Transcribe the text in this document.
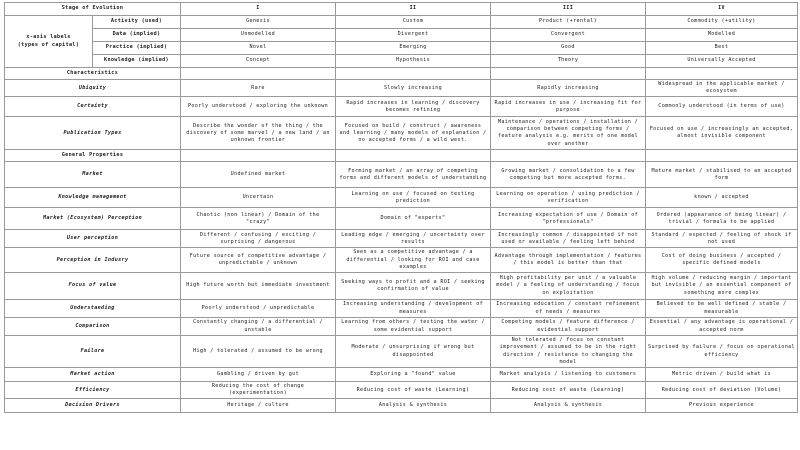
Stage of Evolution		I	II	III	IV

x-axis labels
(types of capital)	Activity (used)	Genesis	Custom	Product (+rental)	Commodity (+utility)
	Data (implied)	Unmodelled	Divergent	Convergent	Modelled
	Practice (implied)	Novel	Emerging	Good	Best
	Knowledge (implied)	Concept	Hypothesis	Theory	Universally Accepted
Characteristics					
Ubiquity		Rare	Slowly increasing	Rapidly increasing	Widespread in the applicable market / ecosystem
Certainty		Poorly understood / exploring the unknown	Rapid increases in learning / discovery becomes refining	Rapid increases in use / increasing fit for purpose	Commonly understood (in terms of use)
Publication Types		Describe the wonder of the thing / the discovery of some marvel / a new land / an unknown frontier	Focused on build / construct / awareness and learning / many models of explanation / no accepted forms / a wild west.	Maintenance / operations / installation / comparison between competing forms / feature analysis e.g. merits of one model over another	Focused on use / increasingly an accepted, almost invisible component
General Properties					
Market		Undefined market	Forming market / an array of competing forms and different models of understanding	Growing market / consolidation to a few competing but more accepted forms.	Mature market / stabilised to an accepted form
Knowledge management		Uncertain	Learning on use / focused on testing prediction	Learning on operation / using prediction / verification	known / accepted
Market (Ecosystem) Perception		Chaotic (non linear) / Domain of the "crazy"	Domain of "experts"	Increasing expectation of use / Domain of "professionals"	Ordered (appearance of being linear) / trivial / formula to be applied
User perception		Different / confusing / exciting / surprising / dangerous	Leading edge / emerging / uncertainty over results	Increasingly common / disappointed if not used or available / feeling left behind	Standard / expected / feeling of shock if not used
Perception in Indusry		Future source of competitive advantage / unpredictable / unknown	Seen as a competitive advantage / a differential / looking for ROI and case examples	Advantage through implementation / features / this model is better than that	Cost of doing business / accepted / specific defined models
Focus of value		High future worth but immediate investment	Seeking ways to profit and a ROI / seeking confirmation of value	High profitability per unit / a valuable model / a feeling of understanding / focus on exploitation	High volume / reducing margin / important but invisible / an essential component of something more complex
Understanding		Poorly understood / unpredictable	Increasing understanding / development of measures	Increasing education / constant refinement of needs / measures	Believed to be well defined / stable / measurable
Comparison		Constantly changing / a differential / unstable	Learning from others / testing the water / some evidential support	Competing models / feature difference / evidential support	Essential / any advantage is operational / accepted norm
Failure		High / tolerated / assumed to be wrong	Moderate / unsurprising if wrong but disappointed	Not tolerated / focus on constant improvement / assumed to be in the right direction / resistance to changing the model	Surprised by failure / focus on operational efficiency
Market action		Gambling / driven by gut	Exploring a "found" value	Market analysis / listening to customers	Metric driven / build what is
Efficiency		Reducing the cost of change (experimentation)	Reducing cost of waste (Learning)	Reducing cost of waste (Learning)	Reducing cost of deviation (Volume)
Decision Drivers		Heritage / culture	Analysis & synthesis	Analysis & synthesis	Previous experience
